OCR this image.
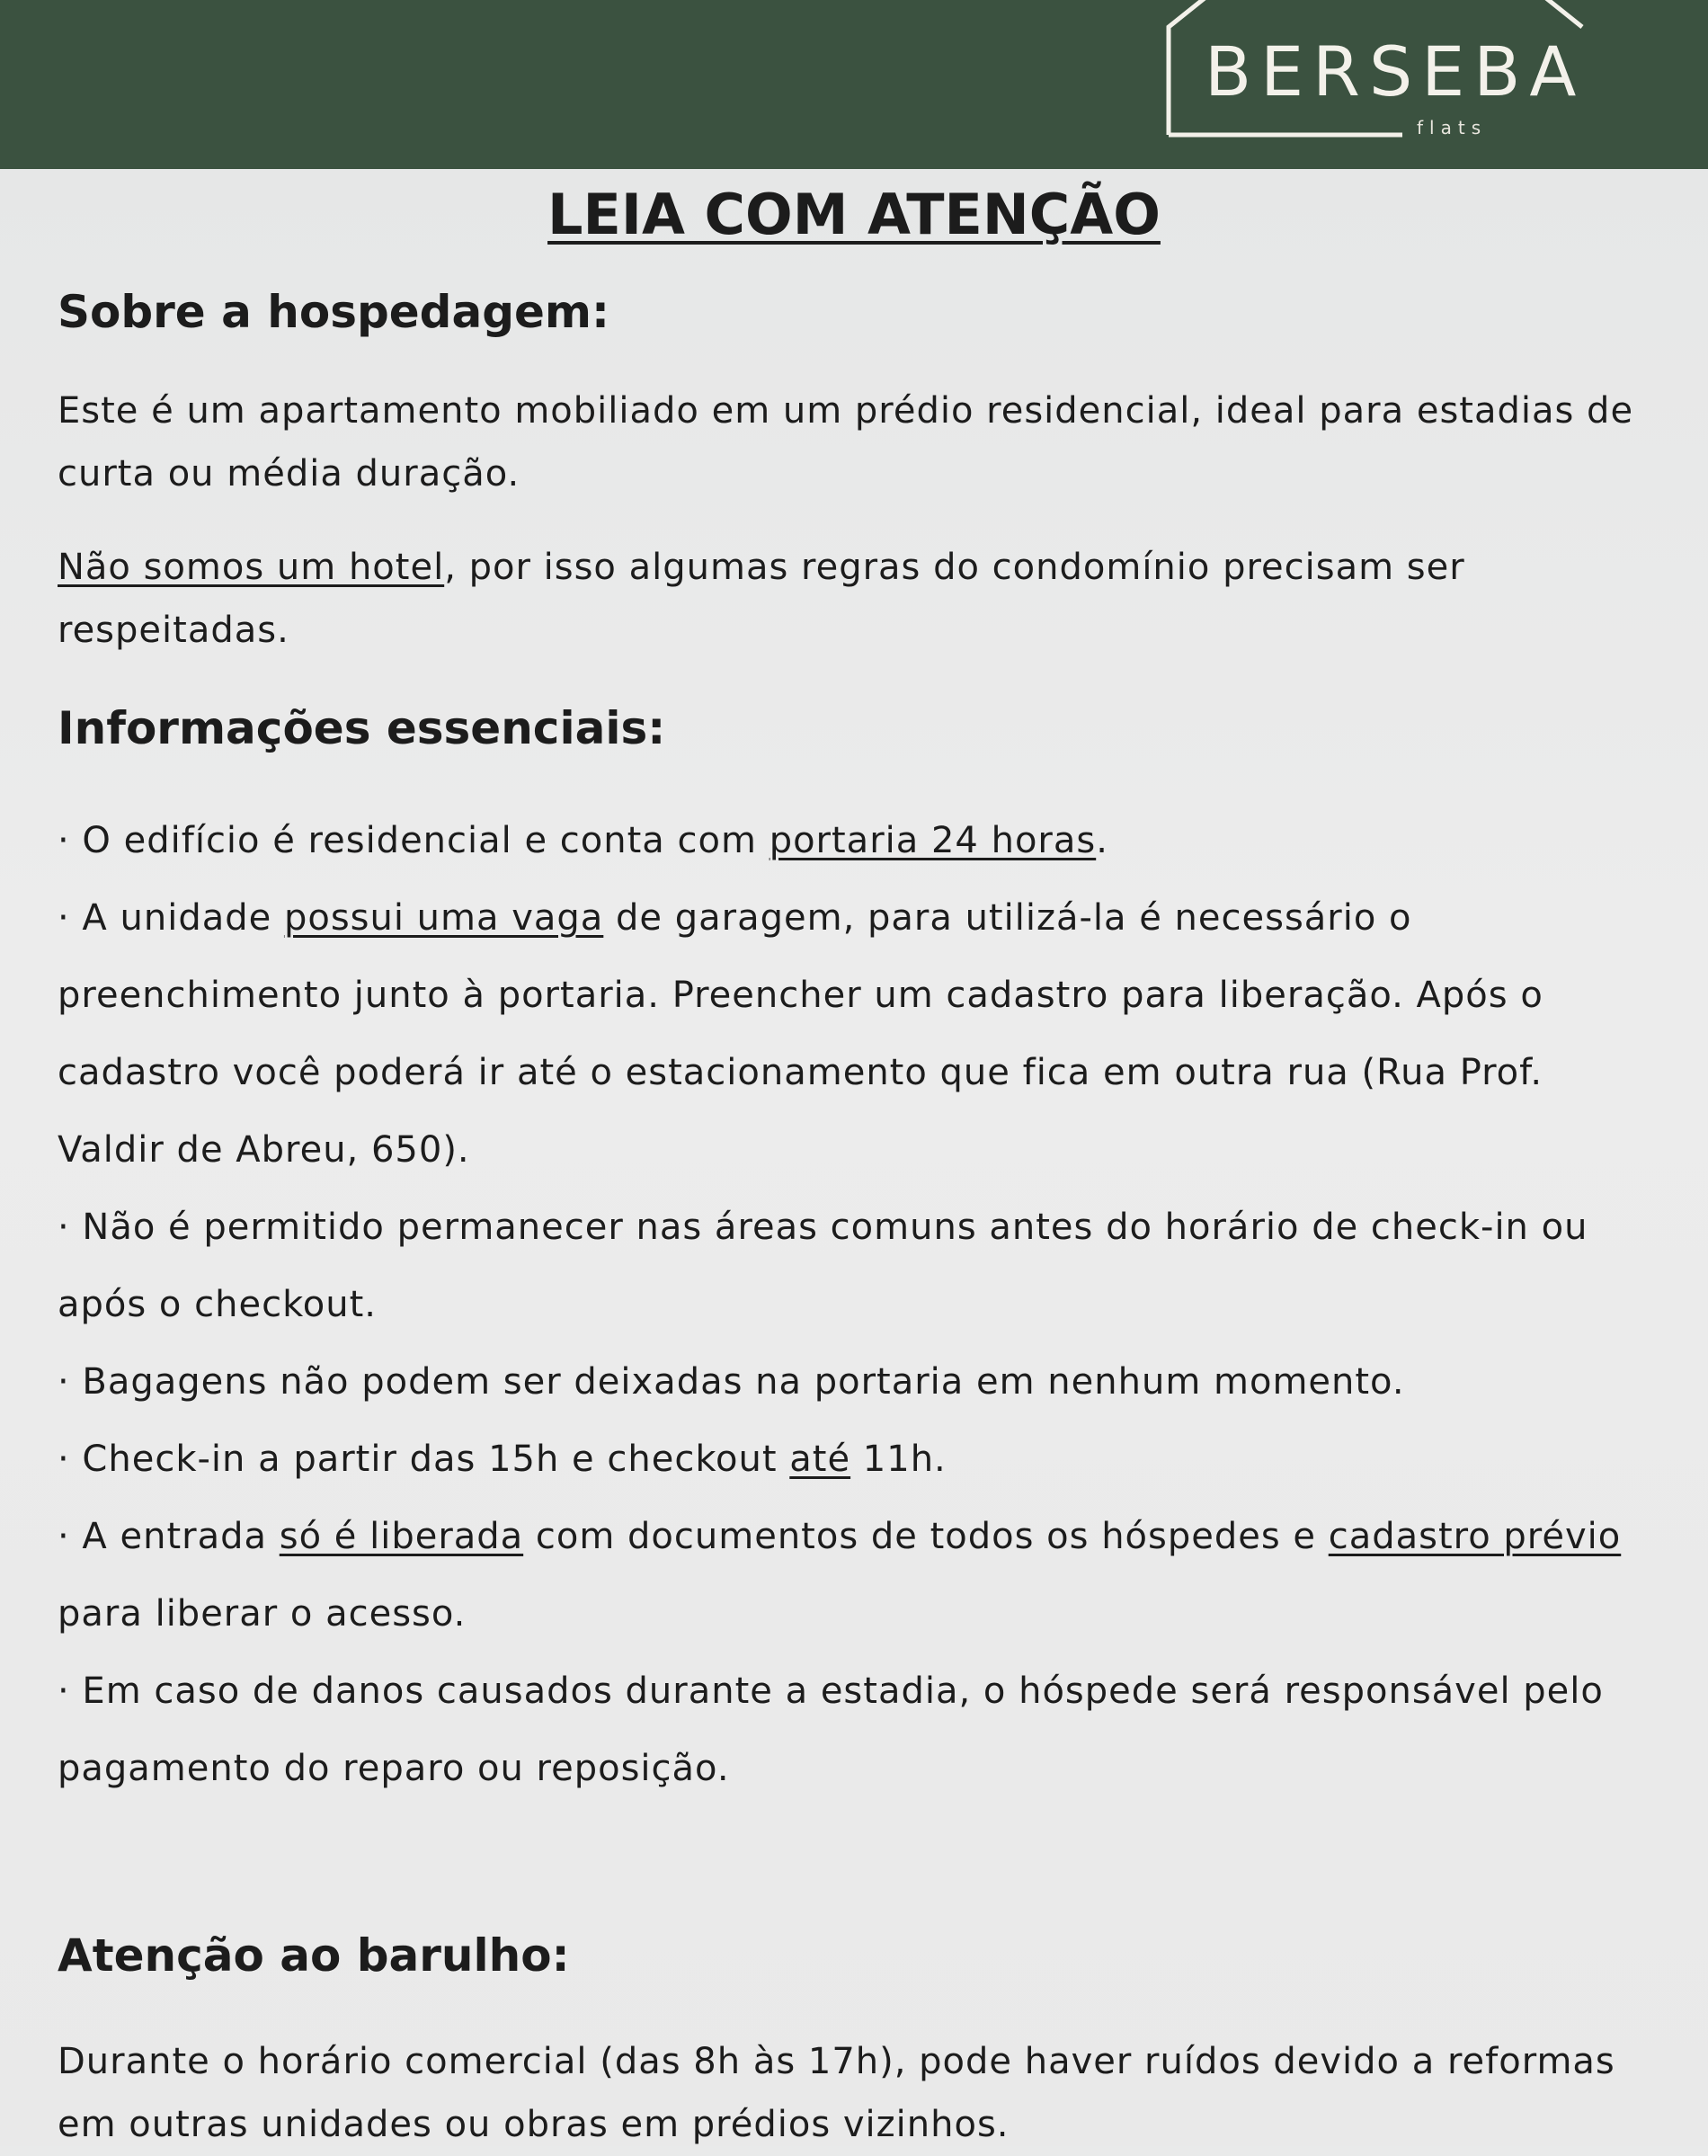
BERSEBA
flats
LEIA COM ATENÇÃO
Sobre a hospedagem:
Este é um apartamento mobiliado em um prédio residencial, ideal para estadias de curta ou média duração.
Não somos um hotel, por isso algumas regras do condomínio precisam ser respeitadas.
Informações essenciais:
· O edifício é residencial e conta com portaria 24 horas.
· A unidade possui uma vaga de garagem, para utilizá-la é necessário o preenchimento junto à portaria. Preencher um cadastro para liberação. Após o cadastro você poderá ir até o estacionamento que fica em outra rua (Rua Prof. Valdir de Abreu, 650).
· Não é permitido permanecer nas áreas comuns antes do horário de check-in ou após o checkout.
· Bagagens não podem ser deixadas na portaria em nenhum momento.
· Check-in a partir das 15h e checkout até 11h.
· A entrada só é liberada com documentos de todos os hóspedes e cadastro prévio para liberar o acesso.
· Em caso de danos causados durante a estadia, o hóspede será responsável pelo pagamento do reparo ou reposição.
Atenção ao barulho:
Durante o horário comercial (das 8h às 17h), pode haver ruídos devido a reformas em outras unidades ou obras em prédios vizinhos.
